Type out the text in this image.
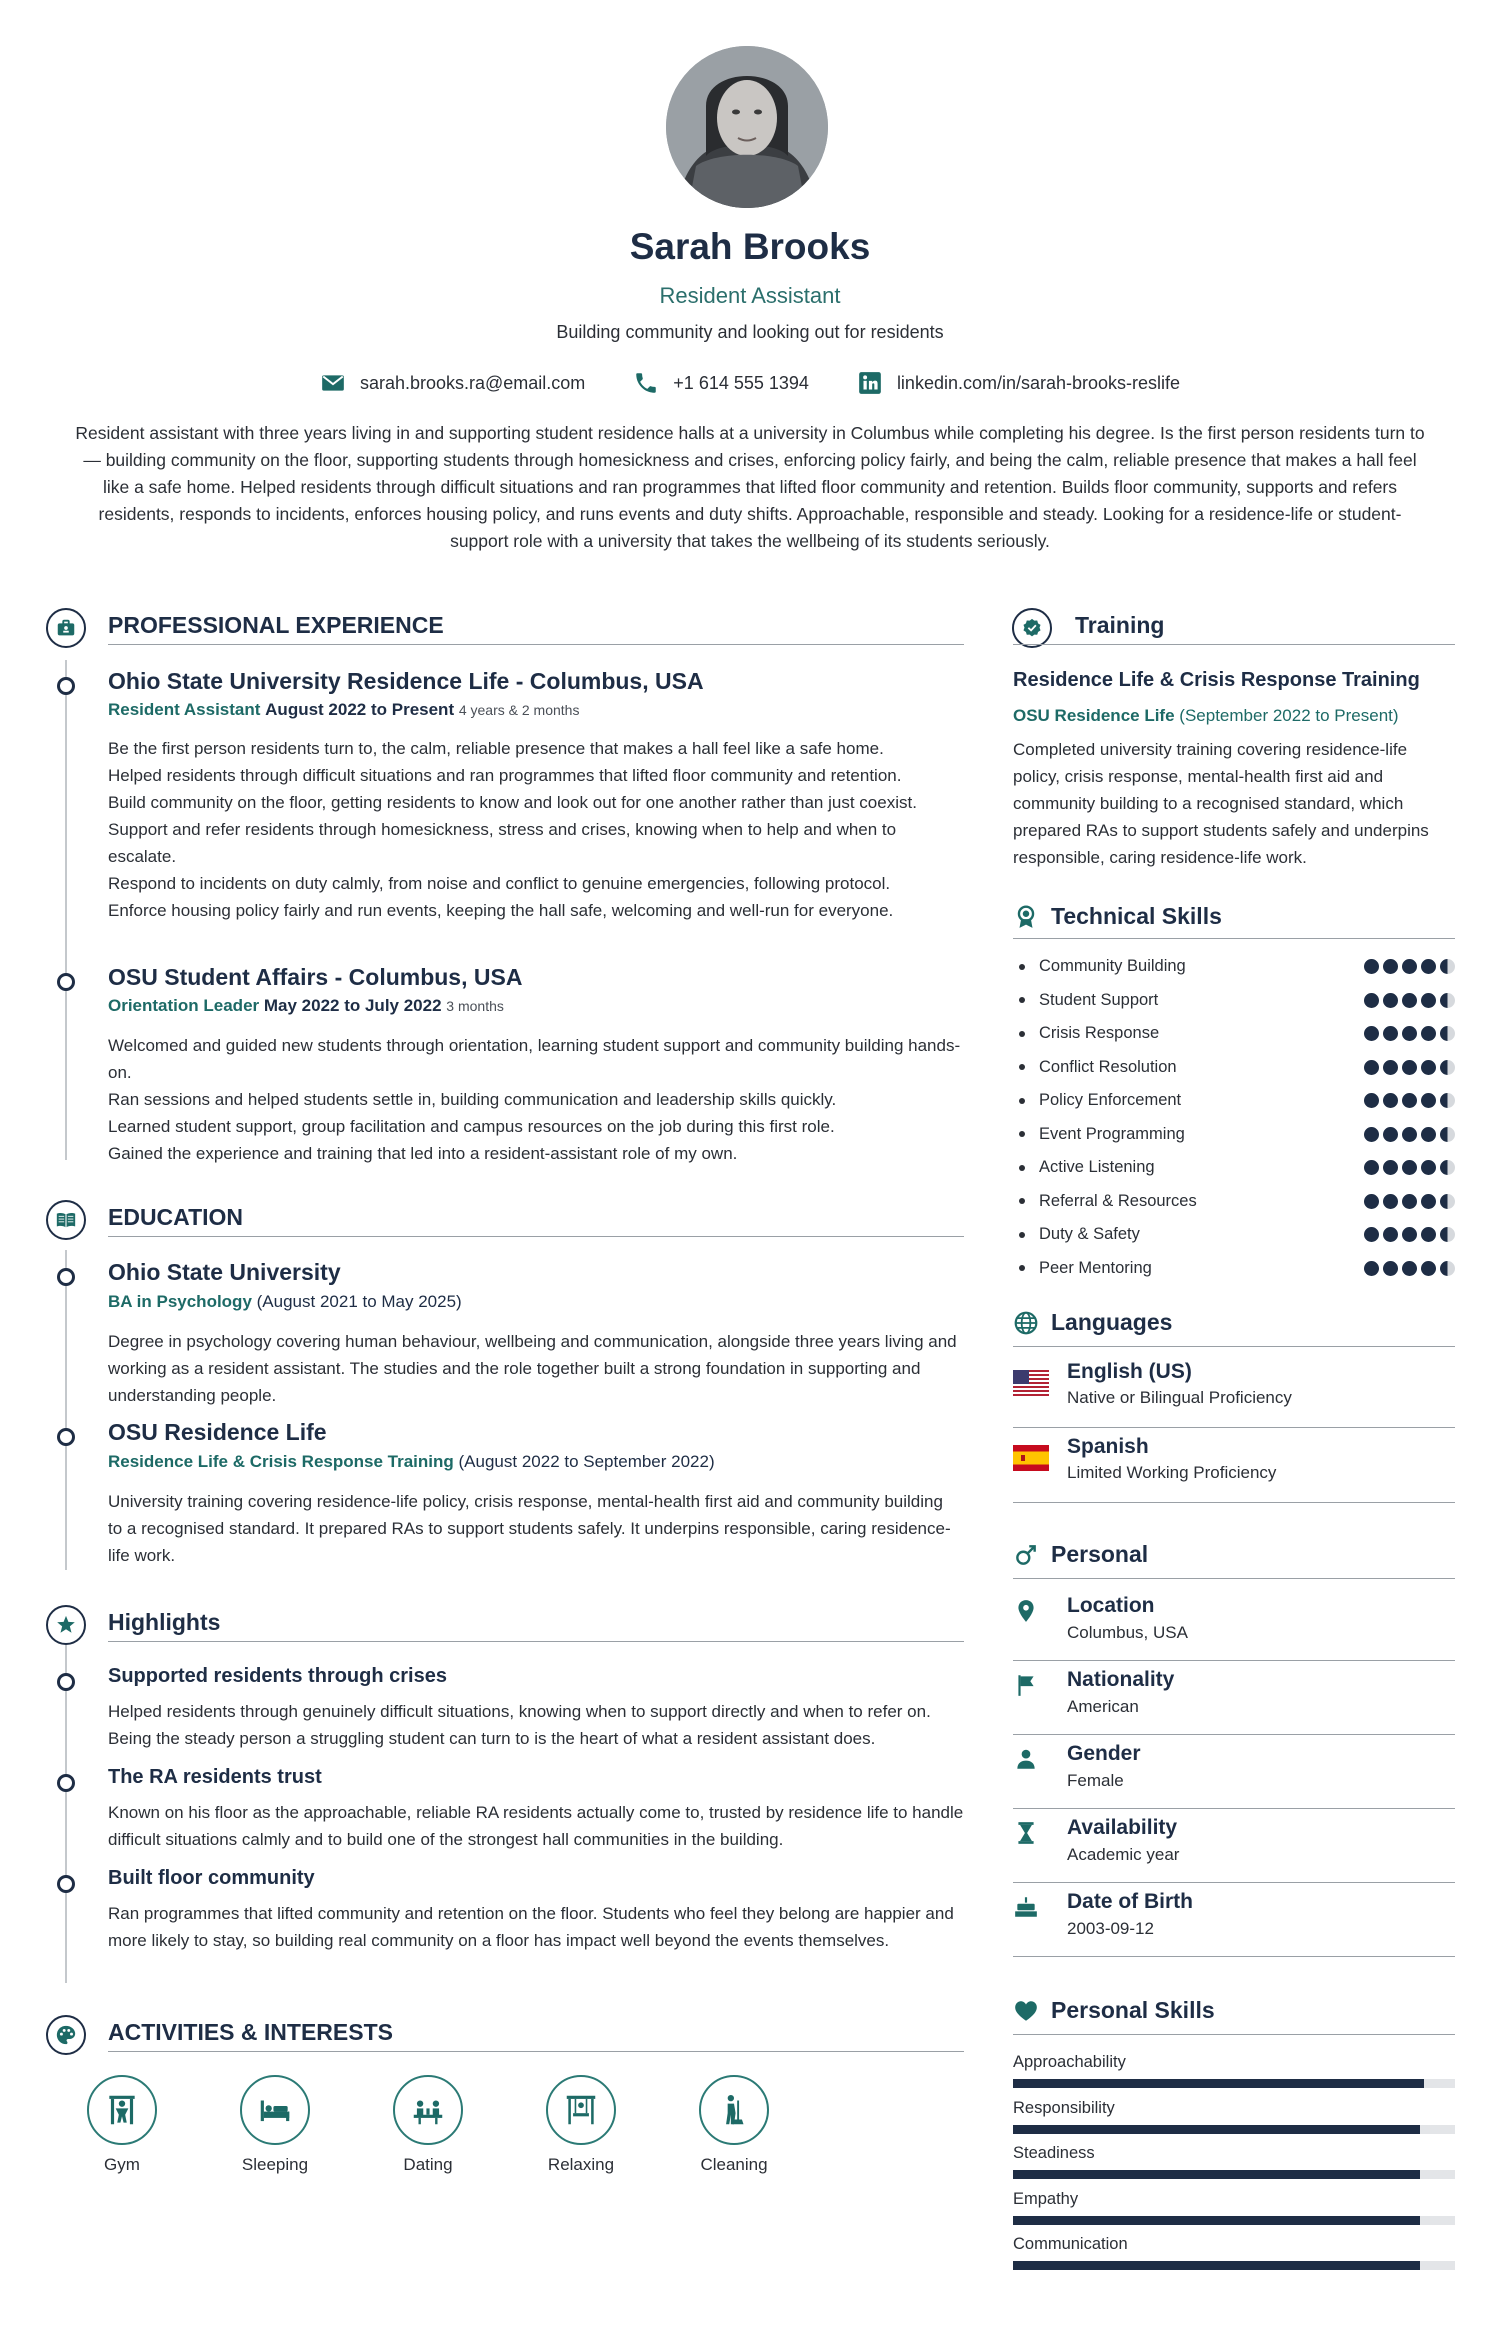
Sarah Brooks
Resident Assistant
Building community and looking out for residents
sarah.brooks.ra@email.com	+1 614 555 1394	linkedin.com/in/sarah-brooks-reslife
Resident assistant with three years living in and supporting student residence halls at a university in Columbus while completing his degree. Is the first person residents turn to — building community on the floor, supporting students through homesickness and crises, enforcing policy fairly, and being the calm, reliable presence that makes a hall feel like a safe home. Helped residents through difficult situations and ran programmes that lifted floor community and retention. Builds floor community, supports and refers residents, responds to incidents, enforces housing policy, and runs events and duty shifts. Approachable, responsible and steady. Looking for a residence-life or student-support role with a university that takes the wellbeing of its students seriously.
PROFESSIONAL EXPERIENCE
Ohio State University Residence Life - Columbus, USA
Resident Assistant August 2022 to Present 4 years & 2 months

Be the first person residents turn to, the calm, reliable presence that makes a hall feel like a safe home.

Helped residents through difficult situations and ran programmes that lifted floor community and retention.

Build community on the floor, getting residents to know and look out for one another rather than just coexist.

Support and refer residents through homesickness, stress and crises, knowing when to help and when to escalate.

Respond to incidents on duty calmly, from noise and conflict to genuine emergencies, following protocol.

Enforce housing policy fairly and run events, keeping the hall safe, welcoming and well-run for everyone.

OSU Student Affairs - Columbus, USA
Orientation Leader May 2022 to July 2022 3 months

Welcomed and guided new students through orientation, learning student support and community building hands-on.

Ran sessions and helped students settle in, building communication and leadership skills quickly.

Learned student support, group facilitation and campus resources on the job during this first role.

Gained the experience and training that led into a resident-assistant role of my own.

EDUCATION
Ohio State University
BA in Psychology (August 2021 to May 2025)
Degree in psychology covering human behaviour, wellbeing and communication, alongside three years living and working as a resident assistant. The studies and the role together built a strong foundation in supporting and understanding people.
OSU Residence Life
Residence Life & Crisis Response Training (August 2022 to September 2022)
University training covering residence-life policy, crisis response, mental-health first aid and community building to a recognised standard. It prepared RAs to support students safely. It underpins responsible, caring residence-life work.
Highlights
Supported residents through crises
Helped residents through genuinely difficult situations, knowing when to support directly and when to refer on. Being the steady person a struggling student can turn to is the heart of what a resident assistant does.
The RA residents trust
Known on his floor as the approachable, reliable RA residents actually come to, trusted by residence life to handle difficult situations calmly and to build one of the strongest hall communities in the building.
Built floor community
Ran programmes that lifted community and retention on the floor. Students who feel they belong are happier and more likely to stay, so building real community on a floor has impact well beyond the events themselves.
ACTIVITIES & INTERESTS
Gym	Sleeping	Dating	Relaxing	Cleaning
Training
Residence Life & Crisis Response Training
OSU Residence Life (September 2022 to Present)
Completed university training covering residence-life policy, crisis response, mental-health first aid and community building to a recognised standard, which prepared RAs to support students safely and underpins responsible, caring residence-life work.
Technical Skills
Community Building
Student Support
Crisis Response
Conflict Resolution
Policy Enforcement
Event Programming
Active Listening
Referral & Resources
Duty & Safety
Peer Mentoring
Languages
English (US)
Native or Bilingual Proficiency
Spanish
Limited Working Proficiency
Personal
Location
Columbus, USA
Nationality
American
Gender
Female
Availability
Academic year
Date of Birth
2003-09-12
Personal Skills
Approachability
Responsibility
Steadiness
Empathy
Communication
